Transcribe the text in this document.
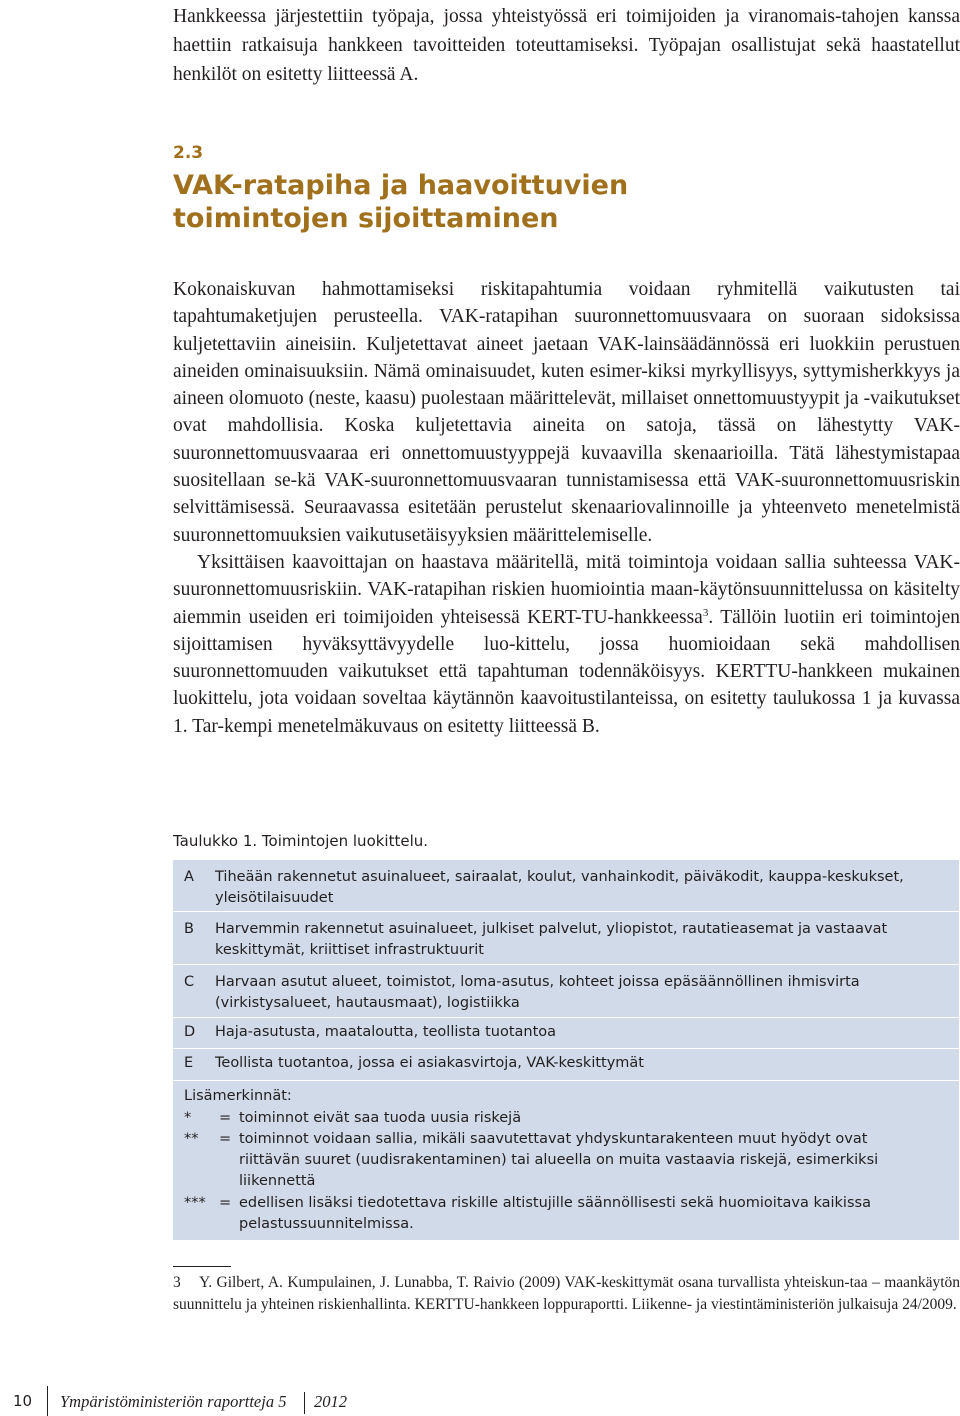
Hankkeessa järjestettiin työpaja, jossa yhteistyössä eri toimijoiden ja viranomais-tahojen kanssa haettiin ratkaisuja hankkeen tavoitteiden toteuttamiseksi. Työpajan osallistujat sekä haastatellut henkilöt on esitetty liitteessä A.

2.3
VAK-ratapiha ja haavoittuvien
toimintojen sijoittaminen

Kokonaiskuvan hahmottamiseksi riskitapahtumia voidaan ryhmitellä vaikutusten tai tapahtumaketjujen perusteella. VAK-ratapihan suuronnettomuusvaara on suoraan sidoksissa kuljetettaviin aineisiin. Kuljetettavat aineet jaetaan VAK-lainsäädännössä eri luokkiin perustuen aineiden ominaisuuksiin. Nämä ominaisuudet, kuten esimer-kiksi myrkyllisyys, syttymisherkkyys ja aineen olomuoto (neste, kaasu) puolestaan määrittelevät, millaiset onnettomuustyypit ja -vaikutukset ovat mahdollisia. Koska kuljetettavia aineita on satoja, tässä on lähestytty VAK-suuronnettomuusvaaraa eri onnettomuustyyppejä kuvaavilla skenaarioilla. Tätä lähestymistapaa suositellaan se-kä VAK-suuronnettomuusvaaran tunnistamisessa että VAK-suuronnettomuusriskin selvittämisessä. Seuraavassa esitetään perustelut skenaariovalinnoille ja yhteenveto menetelmistä suuronnettomuuksien vaikutusetäisyyksien määrittelemiselle.

Yksittäisen kaavoittajan on haastava määritellä, mitä toimintoja voidaan sallia suhteessa VAK-suuronnettomuusriskiin. VAK-ratapihan riskien huomiointia maan-käytönsuunnittelussa on käsitelty aiemmin useiden eri toimijoiden yhteisessä KERT-TU-hankkeessa$^3$. Tällöin luotiin eri toimintojen sijoittamisen hyväksyttävyydelle luo-kittelu, jossa huomioidaan sekä mahdollisen suuronnettomuuden vaikutukset että tapahtuman todennäköisyys. KERTTU-hankkeen mukainen luokittelu, jota voidaan soveltaa käytännön kaavoitustilanteissa, on esitetty taulukossa 1 ja kuvassa 1. Tar-kempi menetelmäkuvaus on esitetty liitteessä B.

Taulukko 1. Toimintojen luokittelu.
A Tiheään rakennetut asuinalueet, sairaalat, koulut, vanhainkodit, päiväkodit, kauppa-keskukset, yleisötilaisuudet
B Harvemmin rakennetut asuinalueet, julkiset palvelut, yliopistot, rautatieasemat ja vastaavat keskittymät, kriittiset infrastruktuurit
C Harvaan asutut alueet, toimistot, loma-asutus, kohteet joissa epäsäännöllinen ihmisvirta (virkistysalueet, hautausmaat), logistiikka
D Haja-asutusta, maataloutta, teollista tuotantoa
E Teollista tuotantoa, jossa ei asiakasvirtoja, VAK-keskittymät
Lisämerkinnät:
* = toiminnot eivät saa tuoda uusia riskejä
** = toiminnot voidaan sallia, mikäli saavutettavat yhdyskuntarakenteen muut hyödyt ovat riittävän suuret (uudisrakentaminen) tai alueella on muita vastaavia riskejä, esimerkiksi liikennettä
*** = edellisen lisäksi tiedotettava riskille altistujille säännöllisesti sekä huomioitava kaikissa pelastussuunnitelmissa.
3 Y. Gilbert, A. Kumpulainen, J. Lunabba, T. Raivio (2009) VAK-keskittymät osana turvallista yhteiskun-taa – maankäytön suunnittelu ja yhteinen riskienhallinta. KERTTU-hankkeen loppuraportti. Liikenne- ja viestintäministeriön julkaisuja 24/2009.
10 Ympäristöministeriön raportteja 5 2012
